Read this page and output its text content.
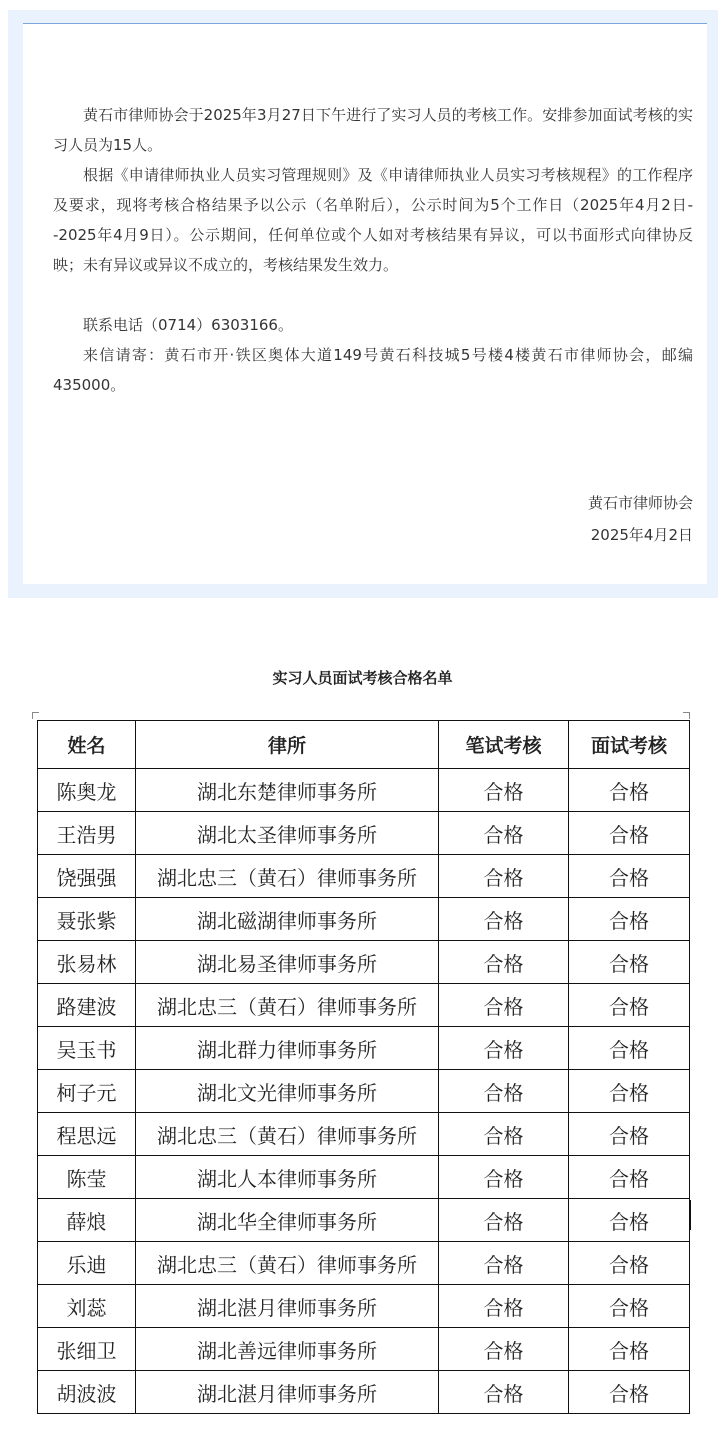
黄石市律师协会于2025年3月27日下午进行了实习人员的考核工作。安排参加面试考核的实习人员为15人。

根据《申请律师执业人员实习管理规则》及《申请律师执业人员实习考核规程》的工作程序及要求，现将考核合格结果予以公示（名单附后），公示时间为5个工作日（2025年4月2日--2025年4月9日）。公示期间，任何单位或个人如对考核结果有异议，可以书面形式向律协反映；未有异议或异议不成立的，考核结果发生效力。

联系电话（0714）6303166。

来信请寄：黄石市开·铁区奥体大道149号黄石科技城5号楼4楼黄石市律师协会，邮编435000。

黄石市律师协会
2025年4月2日
实习人员面试考核合格名单
姓名	律所	笔试考核	面试考核
陈奥龙	湖北东楚律师事务所	合格	合格
王浩男	湖北太圣律师事务所	合格	合格
饶强强	湖北忠三（黄石）律师事务所	合格	合格
聂张紫	湖北磁湖律师事务所	合格	合格
张易林	湖北易圣律师事务所	合格	合格
路建波	湖北忠三（黄石）律师事务所	合格	合格
吴玉书	湖北群力律师事务所	合格	合格
柯子元	湖北文光律师事务所	合格	合格
程思远	湖北忠三（黄石）律师事务所	合格	合格
陈莹	湖北人本律师事务所	合格	合格
薛烺	湖北华全律师事务所	合格	合格
乐迪	湖北忠三（黄石）律师事务所	合格	合格
刘蕊	湖北湛月律师事务所	合格	合格
张细卫	湖北善远律师事务所	合格	合格
胡波波	湖北湛月律师事务所	合格	合格
